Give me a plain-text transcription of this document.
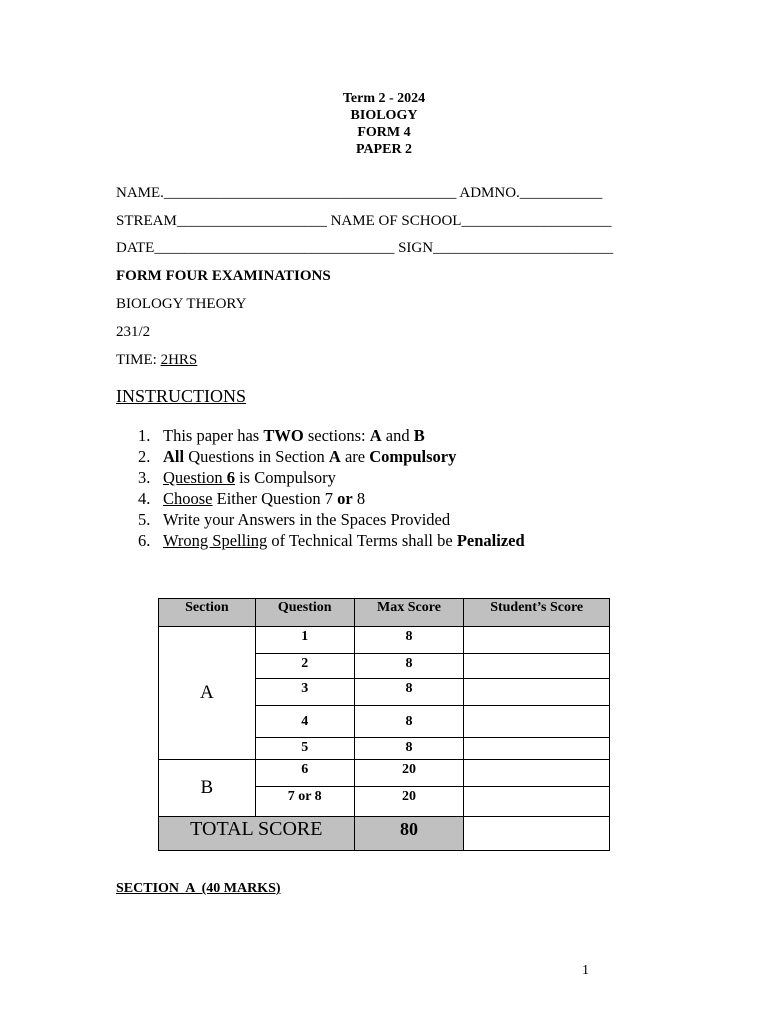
Term 2 - 2024
BIOLOGY
FORM 4
PAPER 2
NAME._______________________________________ ADMNO.___________
STREAM____________________ NAME OF SCHOOL____________________
DATE________________________________ SIGN________________________
FORM FOUR EXAMINATIONS
BIOLOGY THEORY
231/2
TIME: 2HRS
INSTRUCTIONS
1. This paper has TWO sections: A and B
2. All Questions in Section A are Compulsory
3. Question 6 is Compulsory
4. Choose Either Question 7 or 8
5. Write your Answers in the Spaces Provided
6. Wrong Spelling of Technical Terms shall be Penalized
Section	Question	Max Score	Student’s Score
A	1	8	
	2	8	
	3	8	
	4	8	
	5	8	
B	6	20	
	7 or 8	20	
TOTAL SCORE		80	
SECTION  A  (40 MARKS)
1
